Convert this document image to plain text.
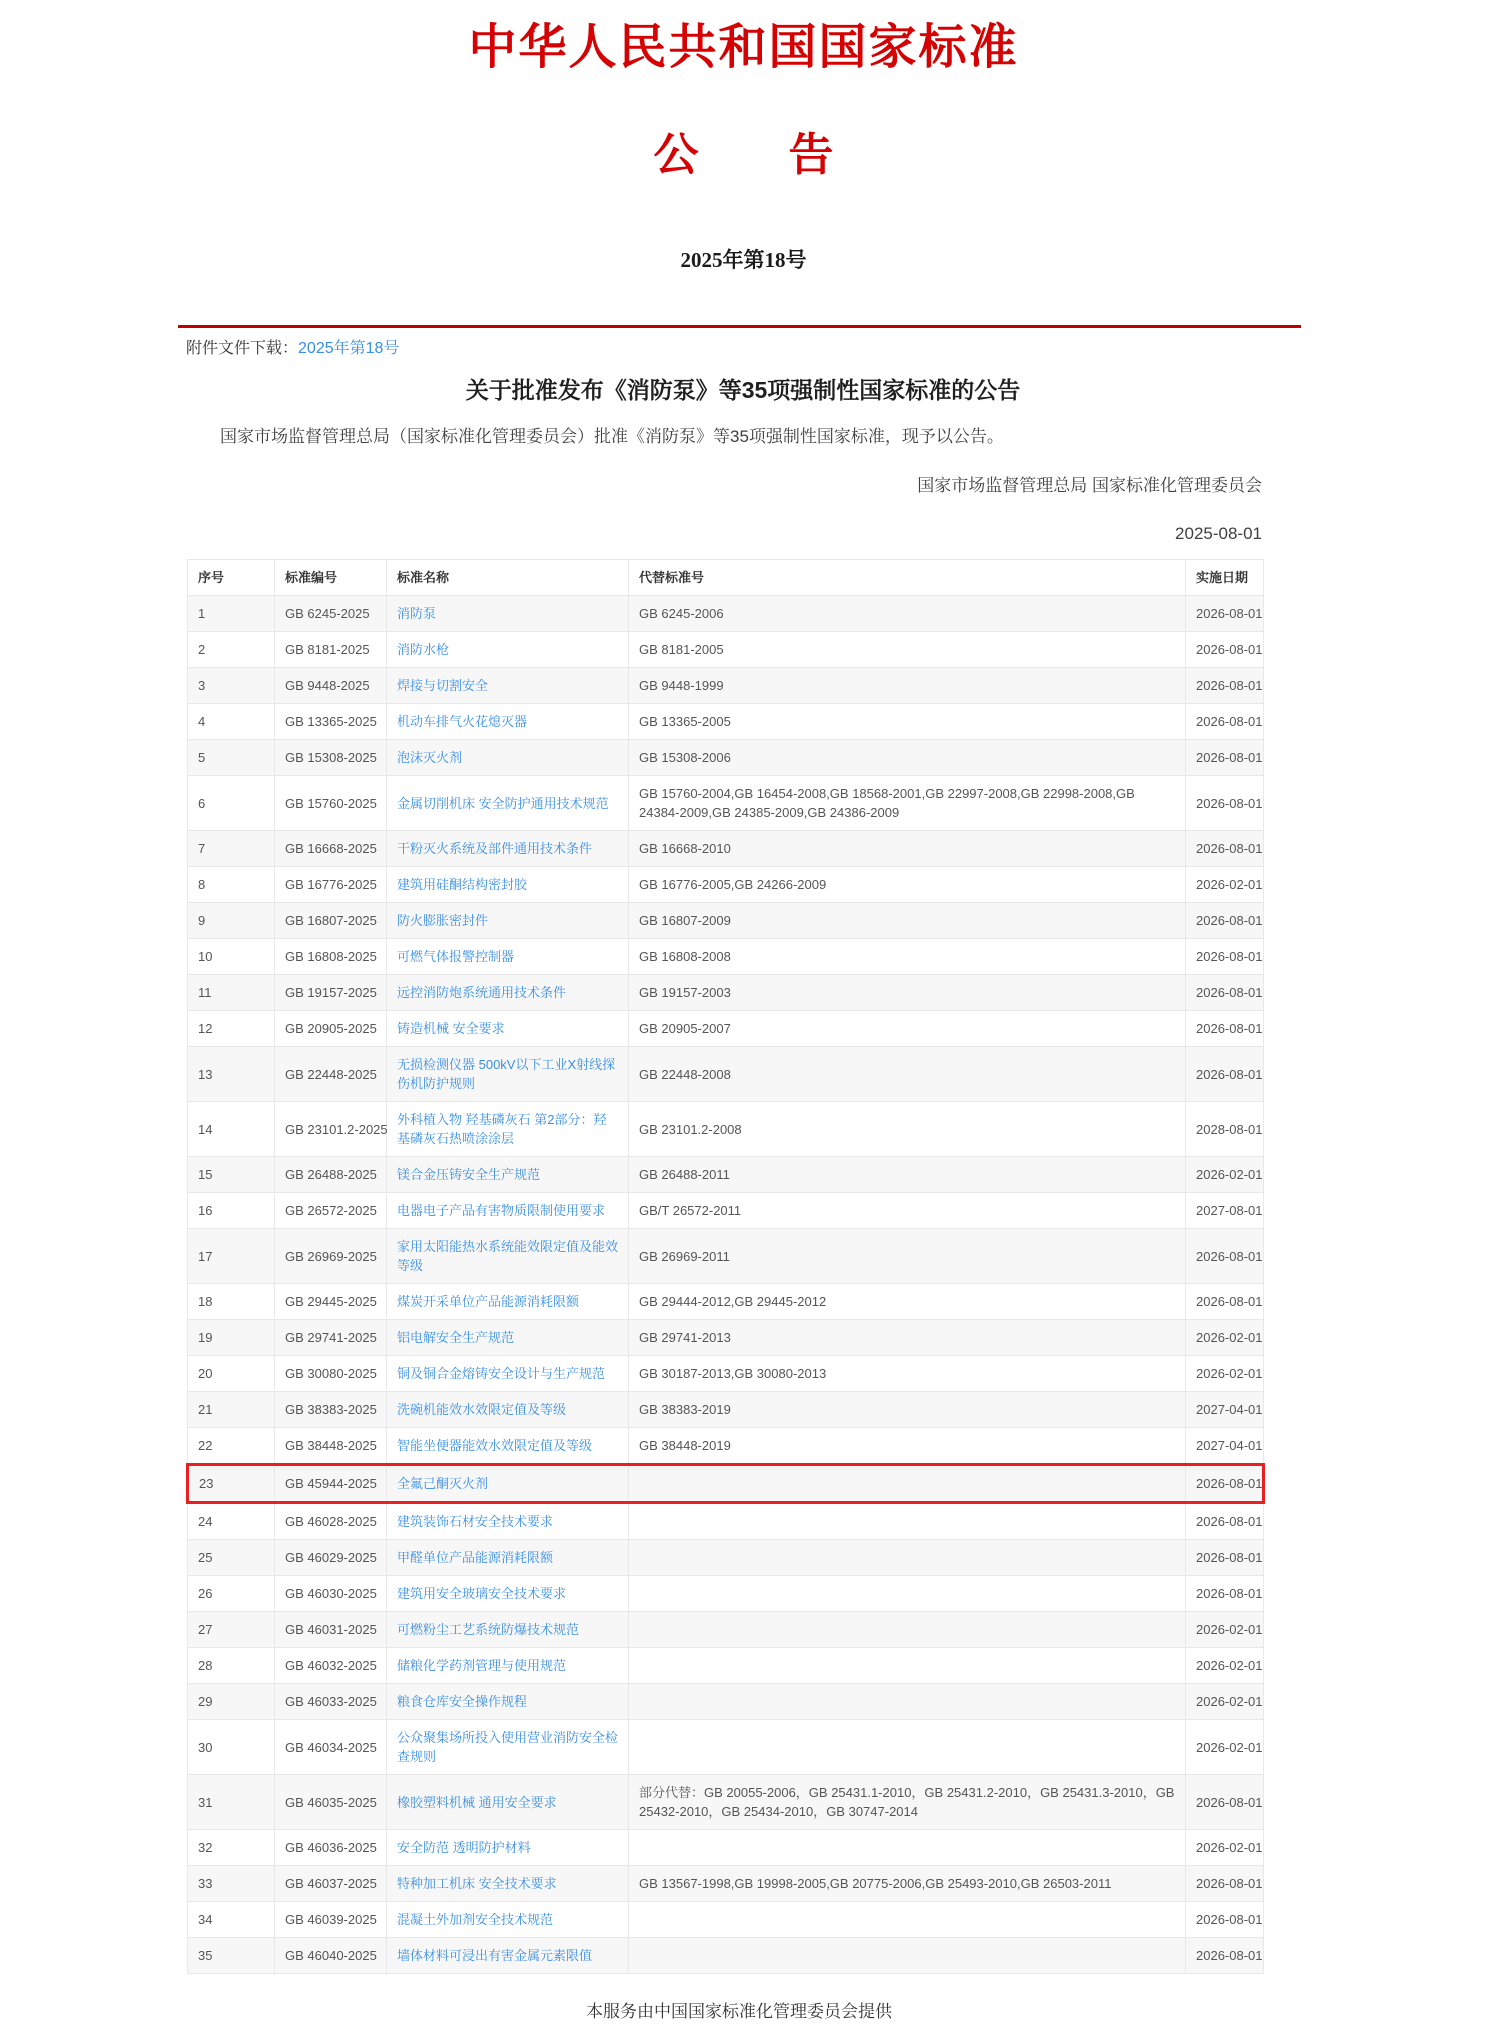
中华人民共和国国家标准
公　　告
2025年第18号
附件文件下载：2025年第18号
关于批准发布《消防泵》等35项强制性国家标准的公告
国家市场监督管理总局（国家标准化管理委员会）批准《消防泵》等35项强制性国家标准，现予以公告。
国家市场监督管理总局 国家标准化管理委员会
2025-08-01
序号	标准编号	标准名称	代替标准号	实施日期
1	GB 6245-2025	消防泵	GB 6245-2006	2026-08-01
2	GB 8181-2025	消防水枪	GB 8181-2005	2026-08-01
3	GB 9448-2025	焊接与切割安全	GB 9448-1999	2026-08-01
4	GB 13365-2025	机动车排气火花熄灭器	GB 13365-2005	2026-08-01
5	GB 15308-2025	泡沫灭火剂	GB 15308-2006	2026-08-01
6	GB 15760-2025	金属切削机床 安全防护通用技术规范	GB 15760-2004,GB 16454-2008,GB 18568-2001,GB 22997-2008,GB 22998-2008,GB 24384-2009,GB 24385-2009,GB 24386-2009	2026-08-01
7	GB 16668-2025	干粉灭火系统及部件通用技术条件	GB 16668-2010	2026-08-01
8	GB 16776-2025	建筑用硅酮结构密封胶	GB 16776-2005,GB 24266-2009	2026-02-01
9	GB 16807-2025	防火膨胀密封件	GB 16807-2009	2026-08-01
10	GB 16808-2025	可燃气体报警控制器	GB 16808-2008	2026-08-01
11	GB 19157-2025	远控消防炮系统通用技术条件	GB 19157-2003	2026-08-01
12	GB 20905-2025	铸造机械 安全要求	GB 20905-2007	2026-08-01
13	GB 22448-2025	无损检测仪器 500kV以下工业X射线探伤机防护规则	GB 22448-2008	2026-08-01
14	GB 23101.2-2025	外科植入物 羟基磷灰石 第2部分：羟基磷灰石热喷涂涂层	GB 23101.2-2008	2028-08-01
15	GB 26488-2025	镁合金压铸安全生产规范	GB 26488-2011	2026-02-01
16	GB 26572-2025	电器电子产品有害物质限制使用要求	GB/T 26572-2011	2027-08-01
17	GB 26969-2025	家用太阳能热水系统能效限定值及能效等级	GB 26969-2011	2026-08-01
18	GB 29445-2025	煤炭开采单位产品能源消耗限额	GB 29444-2012,GB 29445-2012	2026-08-01
19	GB 29741-2025	铝电解安全生产规范	GB 29741-2013	2026-02-01
20	GB 30080-2025	铜及铜合金熔铸安全设计与生产规范	GB 30187-2013,GB 30080-2013	2026-02-01
21	GB 38383-2025	洗碗机能效水效限定值及等级	GB 38383-2019	2027-04-01
22	GB 38448-2025	智能坐便器能效水效限定值及等级	GB 38448-2019	2027-04-01
23	GB 45944-2025	全氟己酮灭火剂		2026-08-01
24	GB 46028-2025	建筑装饰石材安全技术要求		2026-08-01
25	GB 46029-2025	甲醛单位产品能源消耗限额		2026-08-01
26	GB 46030-2025	建筑用安全玻璃安全技术要求		2026-08-01
27	GB 46031-2025	可燃粉尘工艺系统防爆技术规范		2026-02-01
28	GB 46032-2025	储粮化学药剂管理与使用规范		2026-02-01
29	GB 46033-2025	粮食仓库安全操作规程		2026-02-01
30	GB 46034-2025	公众聚集场所投入使用营业消防安全检查规则		2026-02-01
31	GB 46035-2025	橡胶塑料机械 通用安全要求	部分代替：GB 20055-2006，GB 25431.1-2010，GB 25431.2-2010，GB 25431.3-2010，GB 25432-2010，GB 25434-2010，GB 30747-2014	2026-08-01
32	GB 46036-2025	安全防范 透明防护材料		2026-02-01
33	GB 46037-2025	特种加工机床 安全技术要求	GB 13567-1998,GB 19998-2005,GB 20775-2006,GB 25493-2010,GB 26503-2011	2026-08-01
34	GB 46039-2025	混凝土外加剂安全技术规范		2026-08-01
35	GB 46040-2025	墙体材料可浸出有害金属元素限值		2026-08-01
本服务由中国国家标准化管理委员会提供
